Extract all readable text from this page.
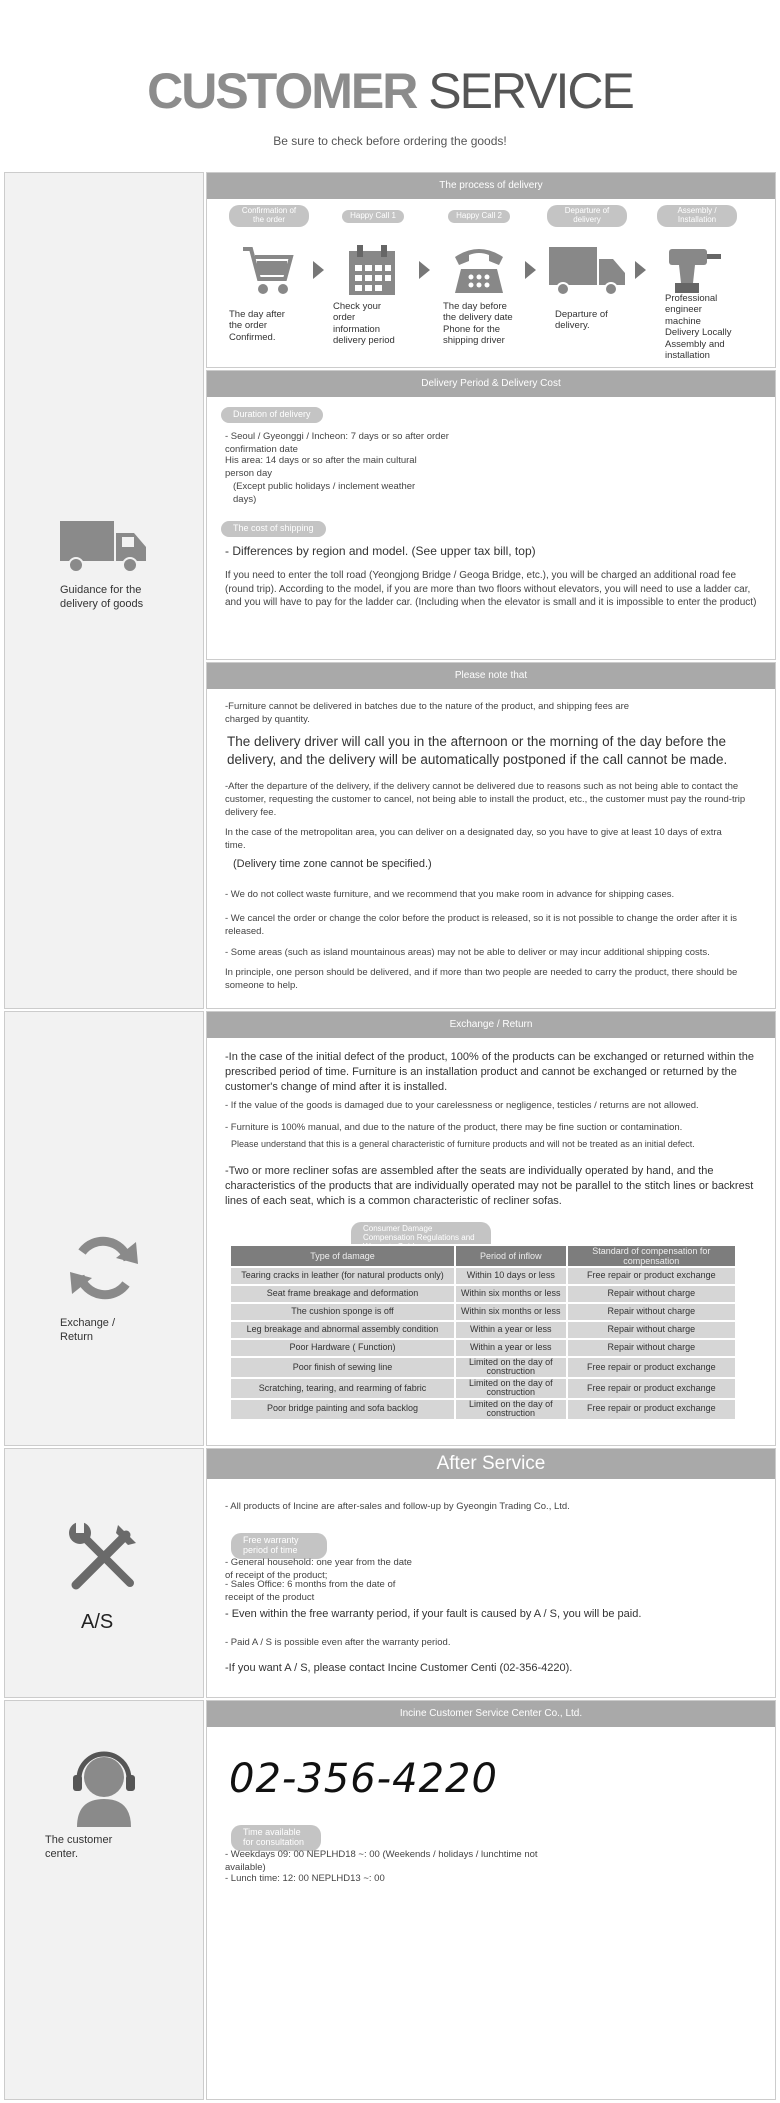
CUSTOMER SERVICE
Be sure to check before ordering the goods!
Guidance for the delivery of goods
The process of delivery
Confirmation of the order
The day after the order Confirmed.
Happy Call 1
Check your order information delivery period
Happy Call 2
The day before the delivery date Phone for the shipping driver
Departure of delivery
Departure of delivery.
Assembly / Installation
Professional engineer machine Delivery Locally Assembly and installation
Delivery Period & Delivery Cost
Duration of delivery
- Seoul / Gyeonggi / Incheon: 7 days or so after order confirmation date
His area: 14 days or so after the main cultural person day
(Except public holidays / inclement weather days)
The cost of shipping
- Differences by region and model. (See upper tax bill, top)
If you need to enter the toll road (Yeongjong Bridge / Geoga Bridge, etc.), you will be charged an additional road fee (round trip). According to the model, if you are more than two floors without elevators, you will need to use a ladder car, and you will have to pay for the ladder car. (Including when the elevator is small and it is impossible to enter the product)
Please note that
-Furniture cannot be delivered in batches due to the nature of the product, and shipping fees are charged by quantity.
The delivery driver will call you in the afternoon or the morning of the day before the delivery, and the delivery will be automatically postponed if the call cannot be made.
-After the departure of the delivery, if the delivery cannot be delivered due to reasons such as not being able to contact the customer, requesting the customer to cancel, not being able to install the product, etc., the customer must pay the round-trip delivery fee.
In the case of the metropolitan area, you can deliver on a designated day, so you have to give at least 10 days of extra time.
(Delivery time zone cannot be specified.)
- We do not collect waste furniture, and we recommend that you make room in advance for shipping cases.
- We cancel the order or change the color before the product is released, so it is not possible to change the order after it is released.
- Some areas (such as island mountainous areas) may not be able to deliver or may incur additional shipping costs.
In principle, one person should be delivered, and if more than two people are needed to carry the product, there should be someone to help.
Exchange / Return
Exchange / Return
-In the case of the initial defect of the product, 100% of the products can be exchanged or returned within the prescribed period of time. Furniture is an installation product and cannot be exchanged or returned by the customer's change of mind after it is installed.
- If the value of the goods is damaged due to your carelessness or negligence, testicles / returns are not allowed.
- Furniture is 100% manual, and due to the nature of the product, there may be fine suction or contamination.
Please understand that this is a general characteristic of furniture products and will not be treated as an initial defect.
-Two or more recliner sofas are assembled after the seats are individually operated by hand, and the characteristics of the products that are individually operated may not be parallel to the stitch lines or backrest lines of each seat, which is a common characteristic of recliner sofas.
Consumer Damage Compensation Regulations and
Type of damage	Period of inflow	Standard of compensation for compensation
Tearing cracks in leather (for natural products only)	Within 10 days or less	Free repair or product exchange
Seat frame breakage and deformation	Within six months or less	Repair without charge
The cushion sponge is off	Within six months or less	Repair without charge
Leg breakage and abnormal assembly condition	Within a year or less	Repair without charge
Poor Hardware ( Function)	Within a year or less	Repair without charge
Poor finish of sewing line	Limited on the day of construction	Free repair or product exchange
Scratching, tearing, and rearming of fabric	Limited on the day of construction	Free repair or product exchange
Poor bridge painting and sofa backlog	Limited on the day of construction	Free repair or product exchange
A/S
After Service
- All products of Incine are after-sales and follow-up by Gyeongin Trading Co., Ltd.
Free warranty period of time
- General household: one year from the date of receipt of the product;
- Sales Office: 6 months from the date of receipt of the product
- Even within the free warranty period, if your fault is caused by A / S, you will be paid.
- Paid A / S is possible even after the warranty period.
-If you want A / S, please contact Incine Customer Centi (02-356-4220).
The customer center.
Incine Customer Service Center Co., Ltd.
02-356-4220
Time available for consultation
- Weekdays 09: 00 NEPLHD18 ~: 00 (Weekends / holidays / lunchtime not available)
- Lunch time: 12: 00 NEPLHD13 ~: 00
